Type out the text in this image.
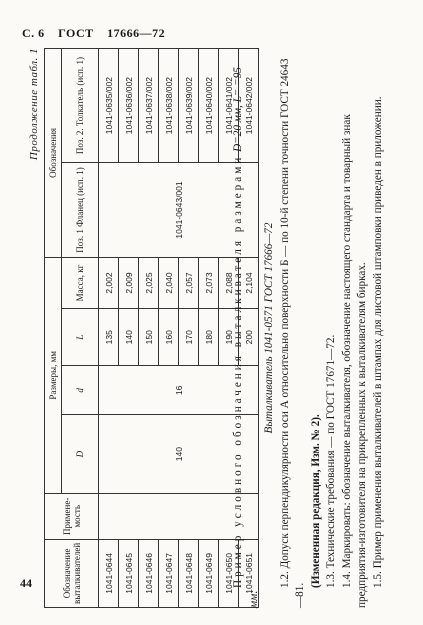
С. 6 ГОСТ 17666—72
Продолжение табл. 1
Обозначение выталкивателей	Примене-мость	Размеры, мм				Обозначения	
		D	d	L	Масса, кг	Поз. 1 Фланец (исп. 1)	Поз. 2. Толкатель (исп. 1)
1041-0644		140	16	135	2,002	1041-0643/001	1041-0635/002
1041-0645				140	2,009		1041-0636/002
1041-0646				150	2,025		1041-0637/002
1041-0647				160	2,040		1041-0638/002
1041-0648				170	2,057		1041-0639/002
1041-0649				180	2,073		1041-0640/002
1041-0650				190	2,088		1041-0641/002
1041-0651				200	2,104		1041-0642/002

Пример условного обозначения выталкивателя размерами D=20 мм, L= =95 мм:

Выталкиватель 1041-0571 ГОСТ 17666—72 1.2. Допуск перпендикулярности оси А относительно поверхности Б — по 10-й степени точности ГОСТ 24643—81.

(Измененная редакция, Изм. № 2). 1.3. Технические требования — по ГОСТ 17671—72. 1.4. Маркировать: обозначение выталкивателя, обозначение настоящего стандарта и товарный знак предприятия-изготовителя на прикрепленных к выталкивателям бирках. 1.5. Пример применения выталкивателей в штампах для листовой штамповки приведен в приложении.

44
